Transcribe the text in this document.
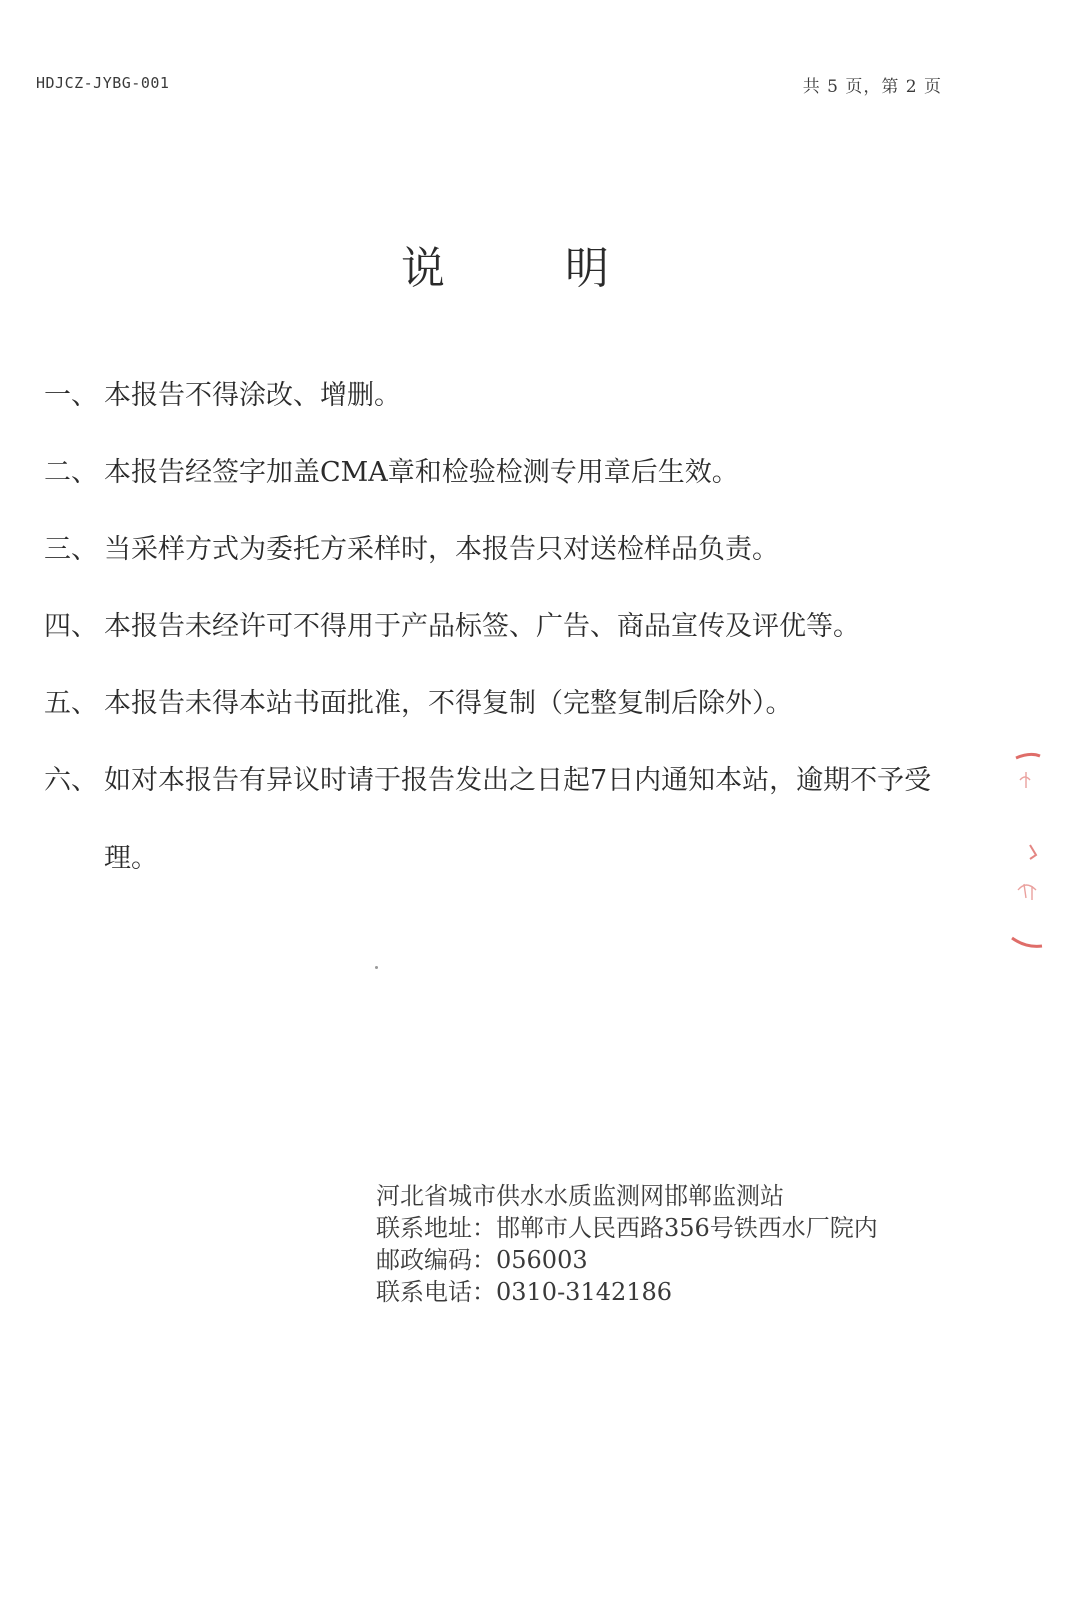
HDJCZ-JYBG-001	共 5 页，第 2 页
说明
一、 本报告不得涂改、增删。
二、 本报告经签字加盖CMA章和检验检测专用章后生效。
三、 当采样方式为委托方采样时，本报告只对送检样品负责。
四、 本报告未经许可不得用于产品标签、广告、商品宣传及评优等。
五、 本报告未得本站书面批准，不得复制（完整复制后除外）。
六、 如对本报告有异议时请于报告发出之日起7日内通知本站，逾期不予受理。
河北省城市供水水质监测网邯郸监测站
联系地址：邯郸市人民西路356号铁西水厂院内
邮政编码：056003
联系电话：0310-3142186
